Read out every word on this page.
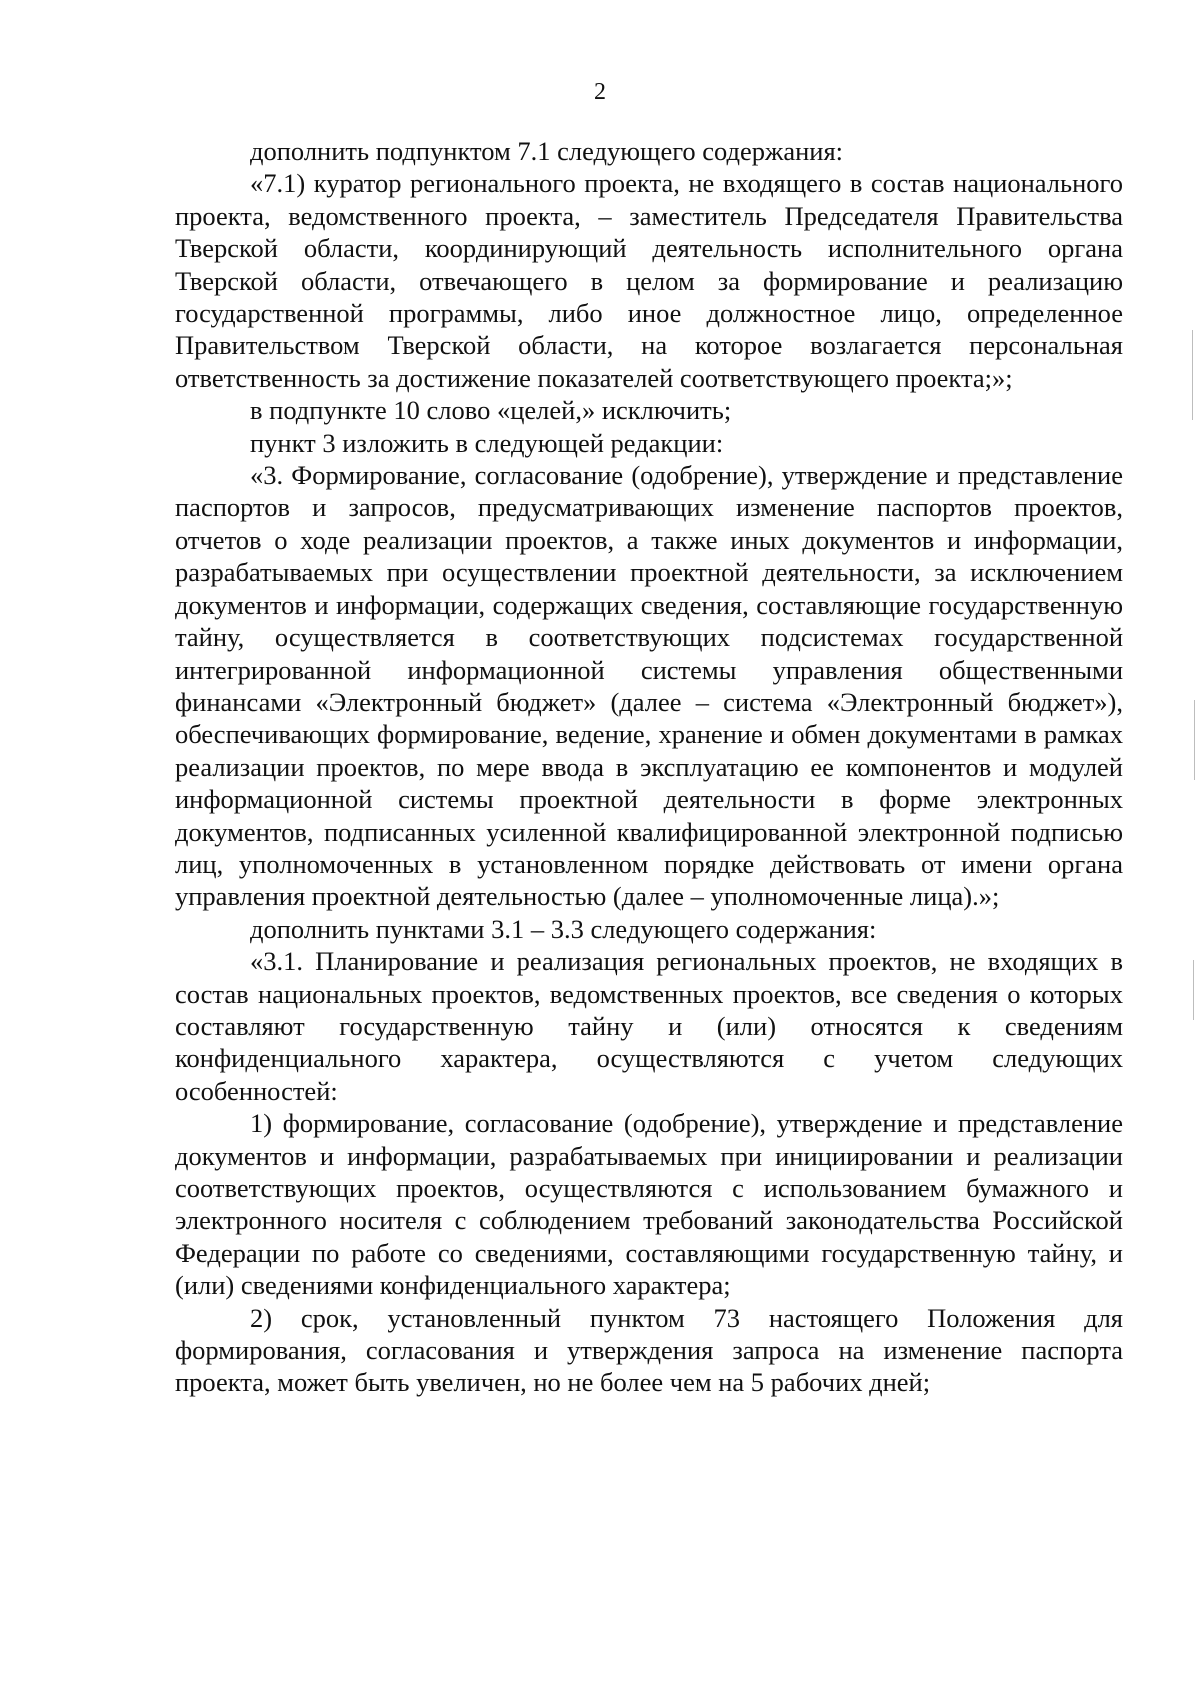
2

дополнить подпунктом 7.1 следующего содержания:

«7.1) куратор регионального проекта, не входящего в состав национального проекта, ведомственного проекта, – заместитель Председателя Правительства Тверской области, координирующий деятельность исполнительного органа Тверской области, отвечающего в целом за формирование и реализацию государственной программы, либо иное должностное лицо, определенное Правительством Тверской области, на которое возлагается персональная ответственность за достижение показателей соответствующего проекта;»;

в подпункте 10 слово «целей,» исключить;

пункт 3 изложить в следующей редакции:

«3. Формирование, согласование (одобрение), утверждение и представление паспортов и запросов, предусматривающих изменение паспортов проектов, отчетов о ходе реализации проектов, а также иных документов и информации, разрабатываемых при осуществлении проектной деятельности, за исключением документов и информации, содержащих сведения, составляющие государственную тайну, осуществляется в соответствующих подсистемах государственной интегрированной информационной системы управления общественными финансами «Электронный бюджет» (далее – система «Электронный бюджет»), обеспечивающих формирование, ведение, хранение и обмен документами в рамках реализации проектов, по мере ввода в эксплуатацию ее компонентов и модулей информационной системы проектной деятельности в форме электронных документов, подписанных усиленной квалифицированной электронной подписью лиц, уполномоченных в установленном порядке действовать от имени органа управления проектной деятельностью (далее – уполномоченные лица).»;

дополнить пунктами 3.1 – 3.3 следующего содержания:

«3.1. Планирование и реализация региональных проектов, не входящих в состав национальных проектов, ведомственных проектов, все сведения о которых составляют государственную тайну и (или) относятся к сведениям конфиденциального характера, осуществляются с учетом следующих особенностей:

1) формирование, согласование (одобрение), утверждение и представление документов и информации, разрабатываемых при инициировании и реализации соответствующих проектов, осуществляются с использованием бумажного и электронного носителя с соблюдением требований законодательства Российской Федерации по работе со сведениями, составляющими государственную тайну, и (или) сведениями конфиденциального характера;

2) срок, установленный пунктом 73 настоящего Положения для формирования, согласования и утверждения запроса на изменение паспорта проекта, может быть увеличен, но не более чем на 5 рабочих дней;
